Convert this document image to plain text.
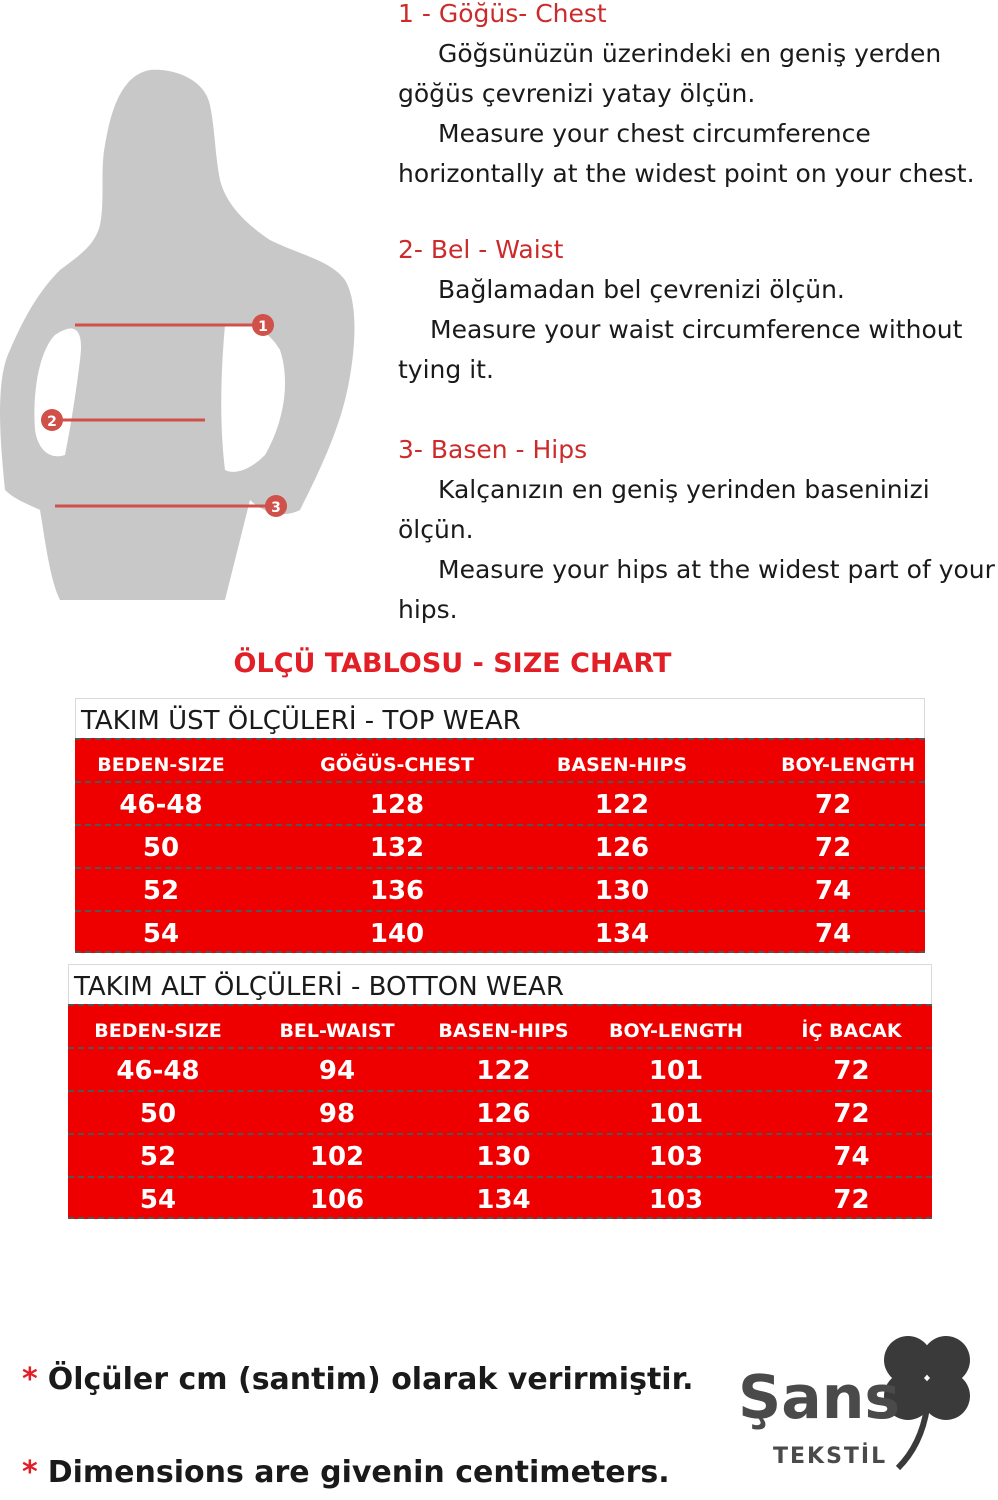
1
2
3
1 - Göğüs- Chest
Göğsünüzün üzerindeki en geniş yerden göğüs çevrenizi yatay ölçün.
Measure your chest circumference horizontally at the widest point on your chest.
2- Bel - Waist
Bağlamadan bel çevrenizi ölçün.
Measure your waist circumference without tying it.
3- Basen - Hips
Kalçanızın en geniş yerinden baseninizi ölçün.
Measure your hips at the widest part of your hips.
ÖLÇÜ TABLOSU - SIZE CHART
TAKIM ÜST ÖLÇÜLERİ - TOP WEAR
BEDEN-SIZE	GÖĞÜS-CHEST	BASEN-HIPS	BOY-LENGTH
46-48	128	122	72
50	132	126	72
52	136	130	74
54	140	134	74
TAKIM ALT ÖLÇÜLERİ - BOTTON WEAR
BEDEN-SIZE	BEL-WAIST	BASEN-HIPS	BOY-LENGTH	İÇ BACAK
46-48	94	122	101	72
50	98	126	101	72
52	102	130	103	74
54	106	134	103	72
* Ölçüler cm (santim) olarak verirmiştir.
* Dimensions are givenin centimeters.
Şans
TEKSTİL
